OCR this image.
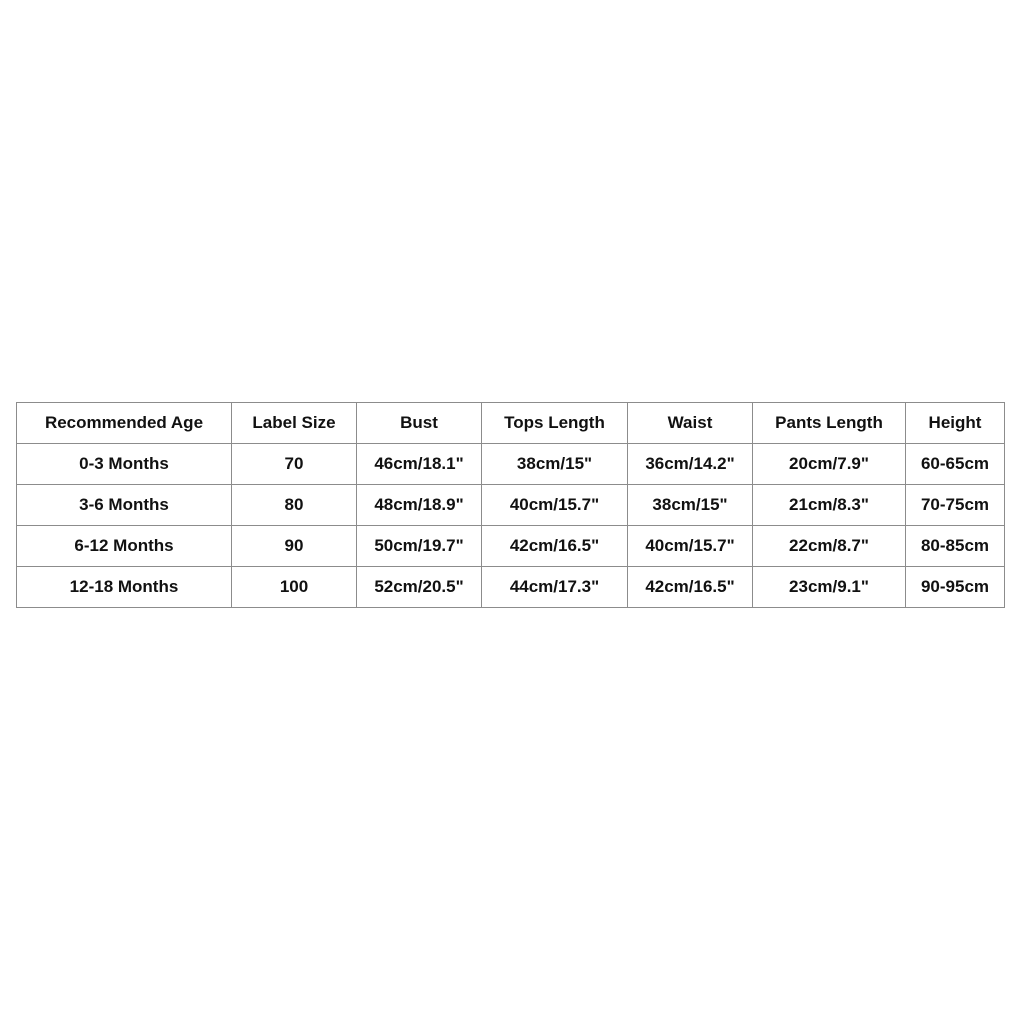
Recommended Age	Label Size	Bust	Tops Length	Waist	Pants Length	Height
0-3 Months	70	46cm/18.1"	38cm/15"	36cm/14.2"	20cm/7.9"	60-65cm
3-6 Months	80	48cm/18.9"	40cm/15.7"	38cm/15"	21cm/8.3"	70-75cm
6-12 Months	90	50cm/19.7"	42cm/16.5"	40cm/15.7"	22cm/8.7"	80-85cm
12-18 Months	100	52cm/20.5"	44cm/17.3"	42cm/16.5"	23cm/9.1"	90-95cm
